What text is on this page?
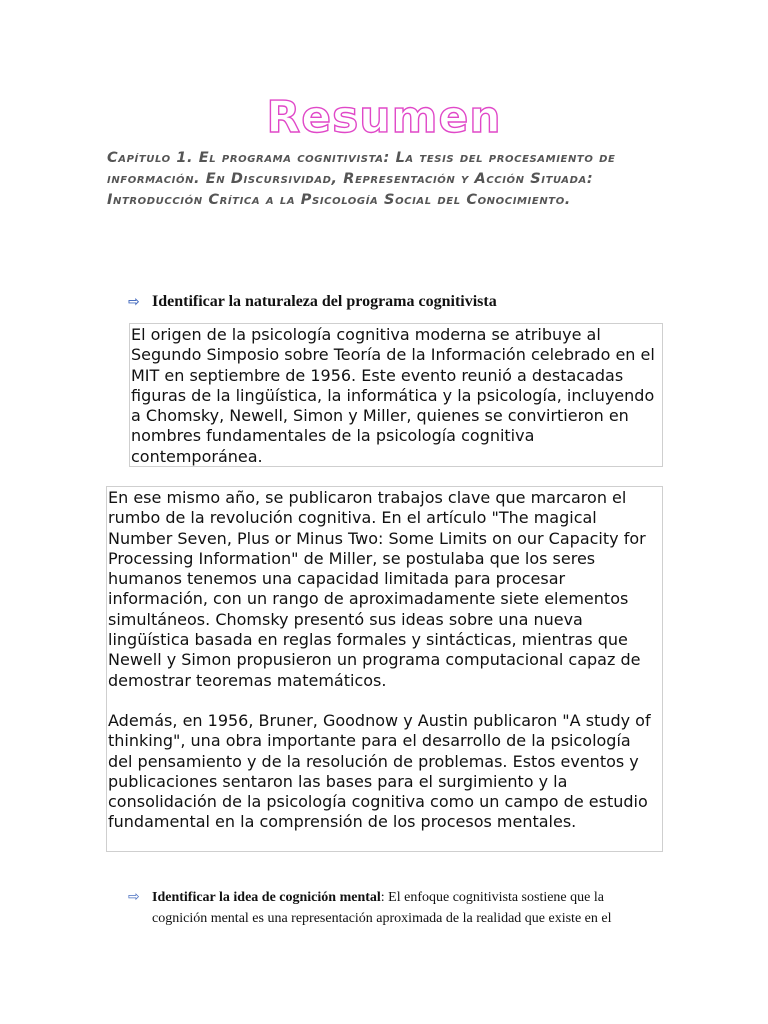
Resumen

Capítulo 1. El programa cognitivista: La tesis del procesamiento de información. En Discursividad, Representación y Acción Situada: Introducción Crítica a la Psicología Social del Conocimiento.

⇨ Identificar la naturaleza del programa cognitivista

El origen de la psicología cognitiva moderna se atribuye al Segundo Simposio sobre Teoría de la Información celebrado en el MIT en septiembre de 1956. Este evento reunió a destacadas figuras de la lingüística, la informática y la psicología, incluyendo a Chomsky, Newell, Simon y Miller, quienes se convirtieron en nombres fundamentales de la psicología cognitiva contemporánea.

En ese mismo año, se publicaron trabajos clave que marcaron el rumbo de la revolución cognitiva. En el artículo "The magical Number Seven, Plus or Minus Two: Some Limits on our Capacity for Processing Information" de Miller, se postulaba que los seres humanos tenemos una capacidad limitada para procesar información, con un rango de aproximadamente siete elementos simultáneos. Chomsky presentó sus ideas sobre una nueva lingüística basada en reglas formales y sintácticas, mientras que Newell y Simon propusieron un programa computacional capaz de demostrar teoremas matemáticos.

Además, en 1956, Bruner, Goodnow y Austin publicaron "A study of thinking", una obra importante para el desarrollo de la psicología del pensamiento y de la resolución de problemas. Estos eventos y publicaciones sentaron las bases para el surgimiento y la consolidación de la psicología cognitiva como un campo de estudio fundamental en la comprensión de los procesos mentales.

⇨ Identificar la idea de cognición mental: El enfoque cognitivista sostiene que la cognición mental es una representación aproximada de la realidad que existe en el
